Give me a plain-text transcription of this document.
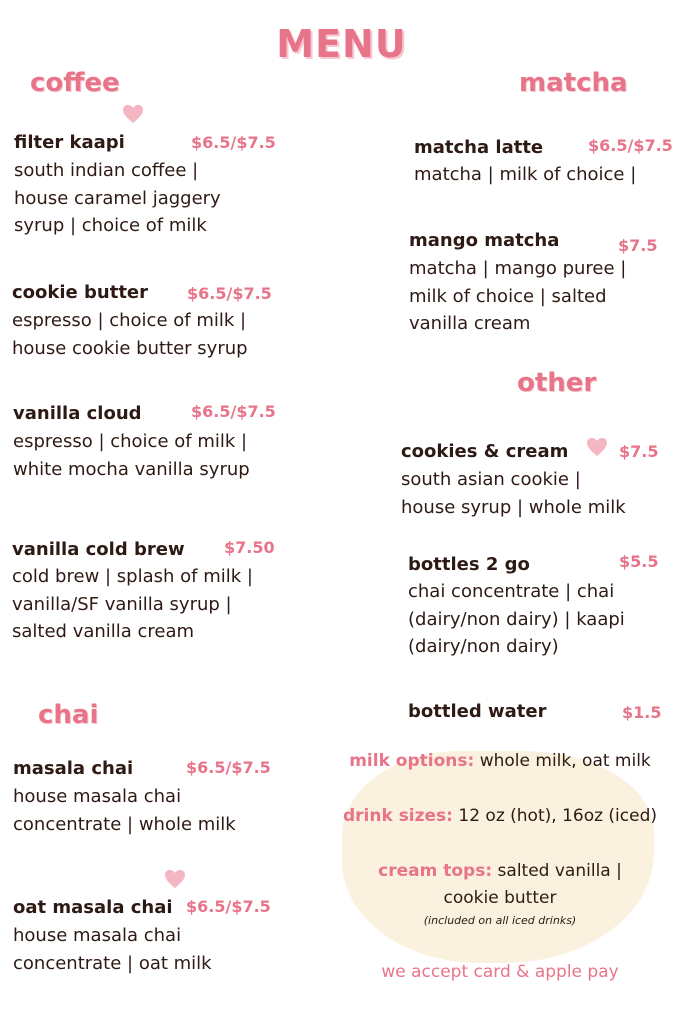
MENU
coffee	matcha
other
chai
filter kaapi	$6.5/$7.5
south indian coffee |
house caramel jaggery
syrup | choice of milk
cookie butter $6.5/$7.5
espresso | choice of milk |
house cookie butter syrup
vanilla cloud	$6.5/$7.5
espresso | choice of milk |
white mocha vanilla syrup
vanilla cold brew $7.50
cold brew | splash of milk |
vanilla/SF vanilla syrup |
salted vanilla cream
masala chai	$6.5/$7.5
house masala chai
concentrate | whole milk
oat masala chai $6.5/$7.5
house masala chai
concentrate | oat milk
matcha latte	$6.5/$7.5
matcha | milk of choice |
mango matcha	$7.5
matcha | mango puree |
milk of choice | salted
vanilla cream
cookies & cream	$7.5
south asian cookie |
house syrup | whole milk
bottles 2 go	$5.5
chai concentrate | chai
(dairy/non dairy) | kaapi
(dairy/non dairy)
bottled water	$1.5
milk options: whole milk, oat milk
drink sizes: 12 oz (hot), 16oz (iced)
cream tops: salted vanilla |
cookie butter
(included on all iced drinks)
we accept card & apple pay
